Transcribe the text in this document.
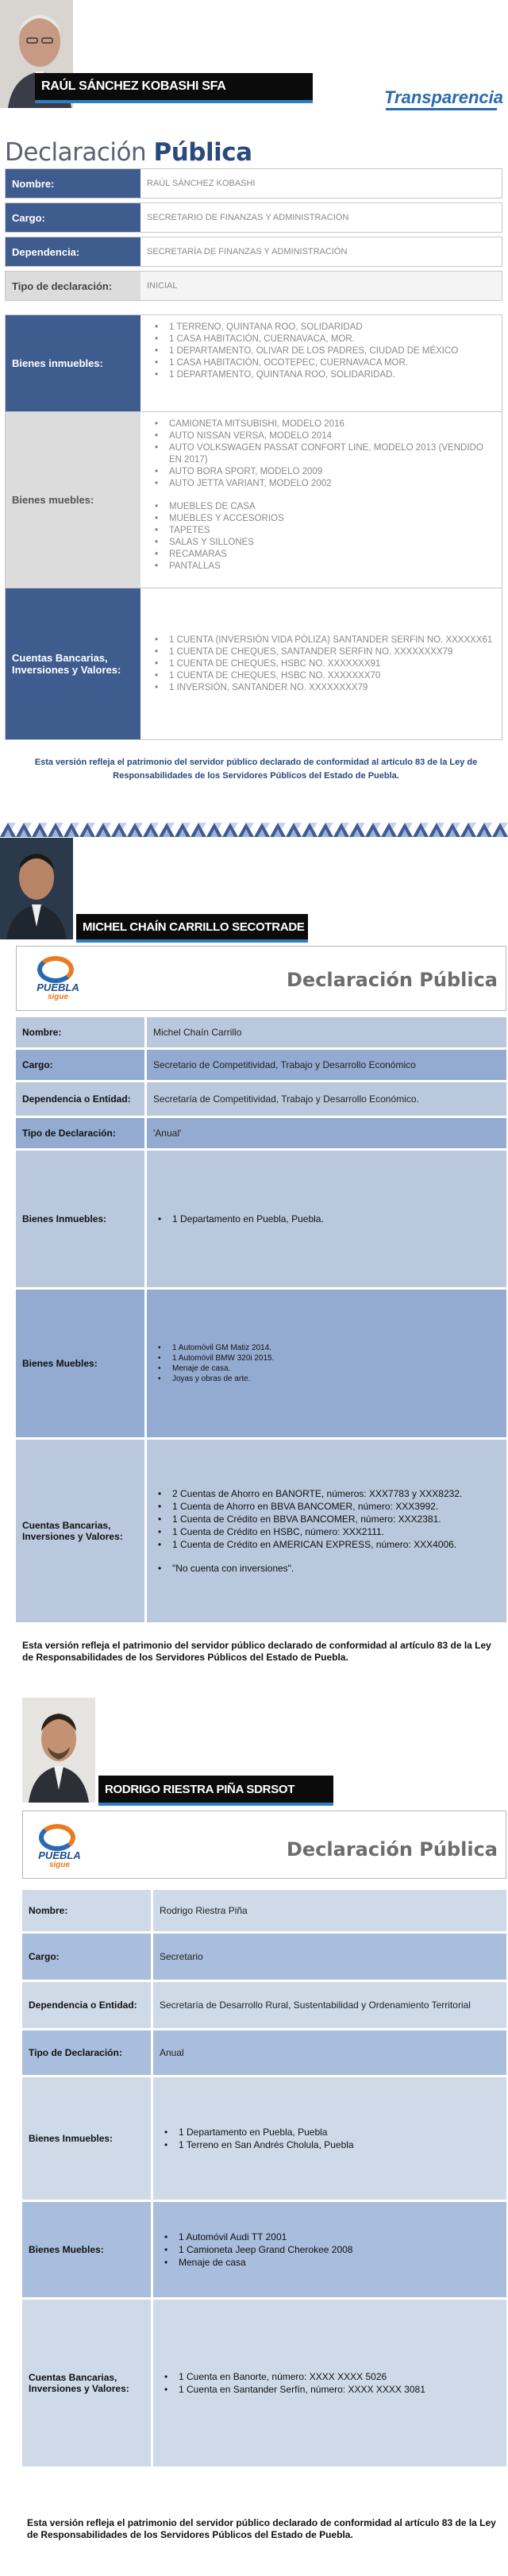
RAÚL SÁNCHEZ KOBASHI SFA
Transparencia
Declaración Pública
Nombre:	RAÚL SÁNCHEZ KOBASHI
Cargo:	SECRETARIO DE FINANZAS Y ADMINISTRACIÓN
Dependencia:	SECRETARÍA DE FINANZAS Y ADMINISTRACIÓN
Tipo de declaración:	INICIAL
Bienes inmuebles:
• 1 TERRENO, QUINTANA ROO, SOLIDARIDAD
• 1 CASA HABITACIÓN, CUERNAVACA, MOR.
• 1 DEPARTAMENTO, OLIVAR DE LOS PADRES, CIUDAD DE MÉXICO
• 1 CASA HABITACIÓN, OCOTEPEC, CUERNAVACA MOR.
• 1 DEPARTAMENTO, QUINTANA ROO, SOLIDARIDAD.
Bienes muebles:
• CAMIONETA MITSUBISHI, MODELO 2016
• AUTO NISSAN VERSA, MODELO 2014
• AUTO VOLKSWAGEN PASSAT CONFORT LINE, MODELO 2013 (VENDIDO EN 2017)
• AUTO BORA SPORT, MODELO 2009
• AUTO JETTA VARIANT, MODELO 2002
• MUEBLES DE CASA
• MUEBLES Y ACCESORIOS
• TAPETES
• SALAS Y SILLONES
• RECAMARAS
• PANTALLAS
Cuentas Bancarias, Inversiones y Valores:
• 1 CUENTA (INVERSIÓN VIDA PÓLIZA) SANTANDER SERFIN NO. XXXXXX61
• 1 CUENTA DE CHEQUES, SANTANDER SERFIN NO. XXXXXXXX79
• 1 CUENTA DE CHEQUES, HSBC NO. XXXXXXX91
• 1 CUENTA DE CHEQUES, HSBC NO. XXXXXXX70
• 1 INVERSIÓN, SANTANDER NO. XXXXXXXX79

Esta versión refleja el patrimonio del servidor público declarado de conformidad al artículo 83 de la Ley de Responsabilidades de los Servidores Públicos del Estado de Puebla.

MICHEL CHAÍN CARRILLO SECOTRADE
PUEBLA
sigue
Declaración Pública
Nombre:	Michel Chaín Carrillo
Cargo:	Secretario de Competitividad, Trabajo y Desarrollo Económico
Dependencia o Entidad:	Secretaría de Competitividad, Trabajo y Desarrollo Económico.
Tipo de Declaración:	'Anual'
Bienes Inmuebles:
•	1 Departamento en Puebla, Puebla.
Bienes Muebles:
• 1 Automóvil GM Matiz 2014.
• 1 Automóvil BMW 320i 2015.
• Menaje de casa.
• Joyas y obras de arte.
Cuentas Bancarias, Inversiones y Valores:
• 2 Cuentas de Ahorro en BANORTE, números: XXX7783 y XXX8232.
• 1 Cuenta de Ahorro en BBVA BANCOMER, número: XXX3992.
• 1 Cuenta de Crédito en BBVA BANCOMER, número: XXX2381.
• 1 Cuenta de Crédito en HSBC, número: XXX2111.
• 1 Cuenta de Crédito en AMERICAN EXPRESS, número: XXX4006.
• "No cuenta con inversiones".

Esta versión refleja el patrimonio del servidor público declarado de conformidad al artículo 83 de la Ley de Responsabilidades de los Servidores Públicos del Estado de Puebla.

RODRIGO RIESTRA PIÑA SDRSOT
PUEBLA
sigue
Declaración Pública
Nombre:	Rodrigo Riestra Piña
Cargo:	Secretario
Dependencia o Entidad:	Secretaría de Desarrollo Rural, Sustentabilidad y Ordenamiento Territorial
Tipo de Declaración:	Anual
Bienes Inmuebles:
• 1 Departamento en Puebla, Puebla
• 1 Terreno en San Andrés Cholula, Puebla
Bienes Muebles:
• 1 Automóvil Audi TT 2001
• 1 Camioneta Jeep Grand Cherokee 2008
• Menaje de casa
Cuentas Bancarias, Inversiones y Valores:
• 1 Cuenta en Banorte, número: XXXX XXXX 5026
• 1 Cuenta en Santander Serfín, número: XXXX XXXX 3081

Esta versión refleja el patrimonio del servidor público declarado de conformidad al artículo 83 de la Ley de Responsabilidades de los Servidores Públicos del Estado de Puebla.
